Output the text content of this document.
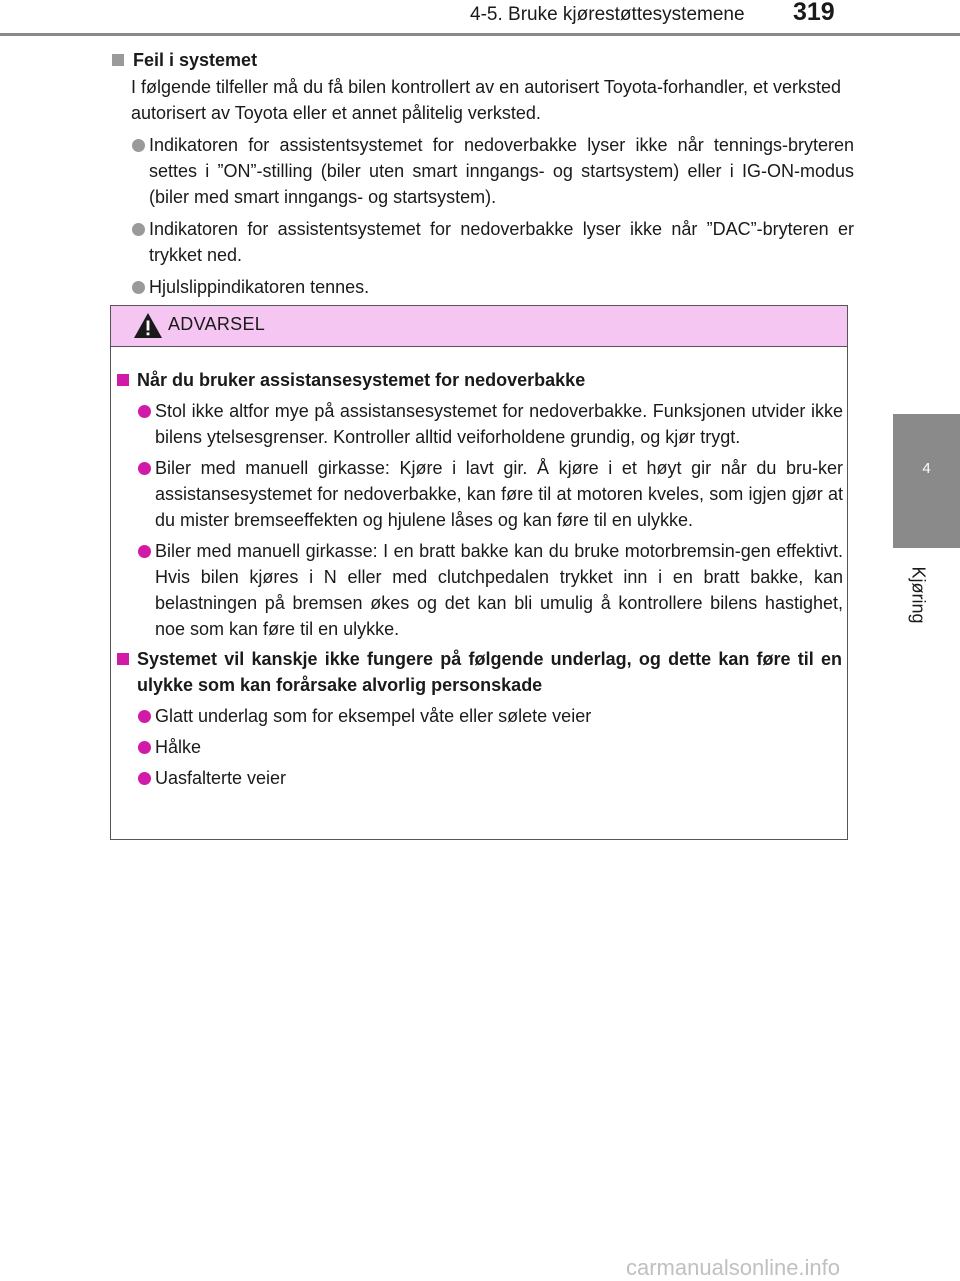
4-5. Bruke kjørestøttesystemene 319
4
Kjøring
Feil i systemet
I følgende tilfeller må du få bilen kontrollert av en autorisert Toyota-forhandler, et verksted autorisert av Toyota eller et annet pålitelig verksted.
Indikatoren for assistentsystemet for nedoverbakke lyser ikke når tennings-bryteren settes i ”ON”-stilling (biler uten smart inngangs- og startsystem) eller i IG-ON-modus (biler med smart inngangs- og startsystem).
Indikatoren for assistentsystemet for nedoverbakke lyser ikke når ”DAC”-bryteren er trykket ned.
Hjulslippindikatoren tennes.
ADVARSEL
Når du bruker assistansesystemet for nedoverbakke
Stol ikke altfor mye på assistansesystemet for nedoverbakke. Funksjonen utvider ikke bilens ytelsesgrenser. Kontroller alltid veiforholdene grundig, og kjør trygt.
Biler med manuell girkasse: Kjøre i lavt gir. Å kjøre i et høyt gir når du bru-ker assistansesystemet for nedoverbakke, kan føre til at motoren kveles, som igjen gjør at du mister bremseeffekten og hjulene låses og kan føre til en ulykke.
Biler med manuell girkasse: I en bratt bakke kan du bruke motorbremsin-gen effektivt. Hvis bilen kjøres i N eller med clutchpedalen trykket inn i en bratt bakke, kan belastningen på bremsen økes og det kan bli umulig å kontrollere bilens hastighet, noe som kan føre til en ulykke.
Systemet vil kanskje ikke fungere på følgende underlag, og dette kan føre til en ulykke som kan forårsake alvorlig personskade
Glatt underlag som for eksempel våte eller sølete veier
Hålke
Uasfalterte veier
carmanualsonline.info
